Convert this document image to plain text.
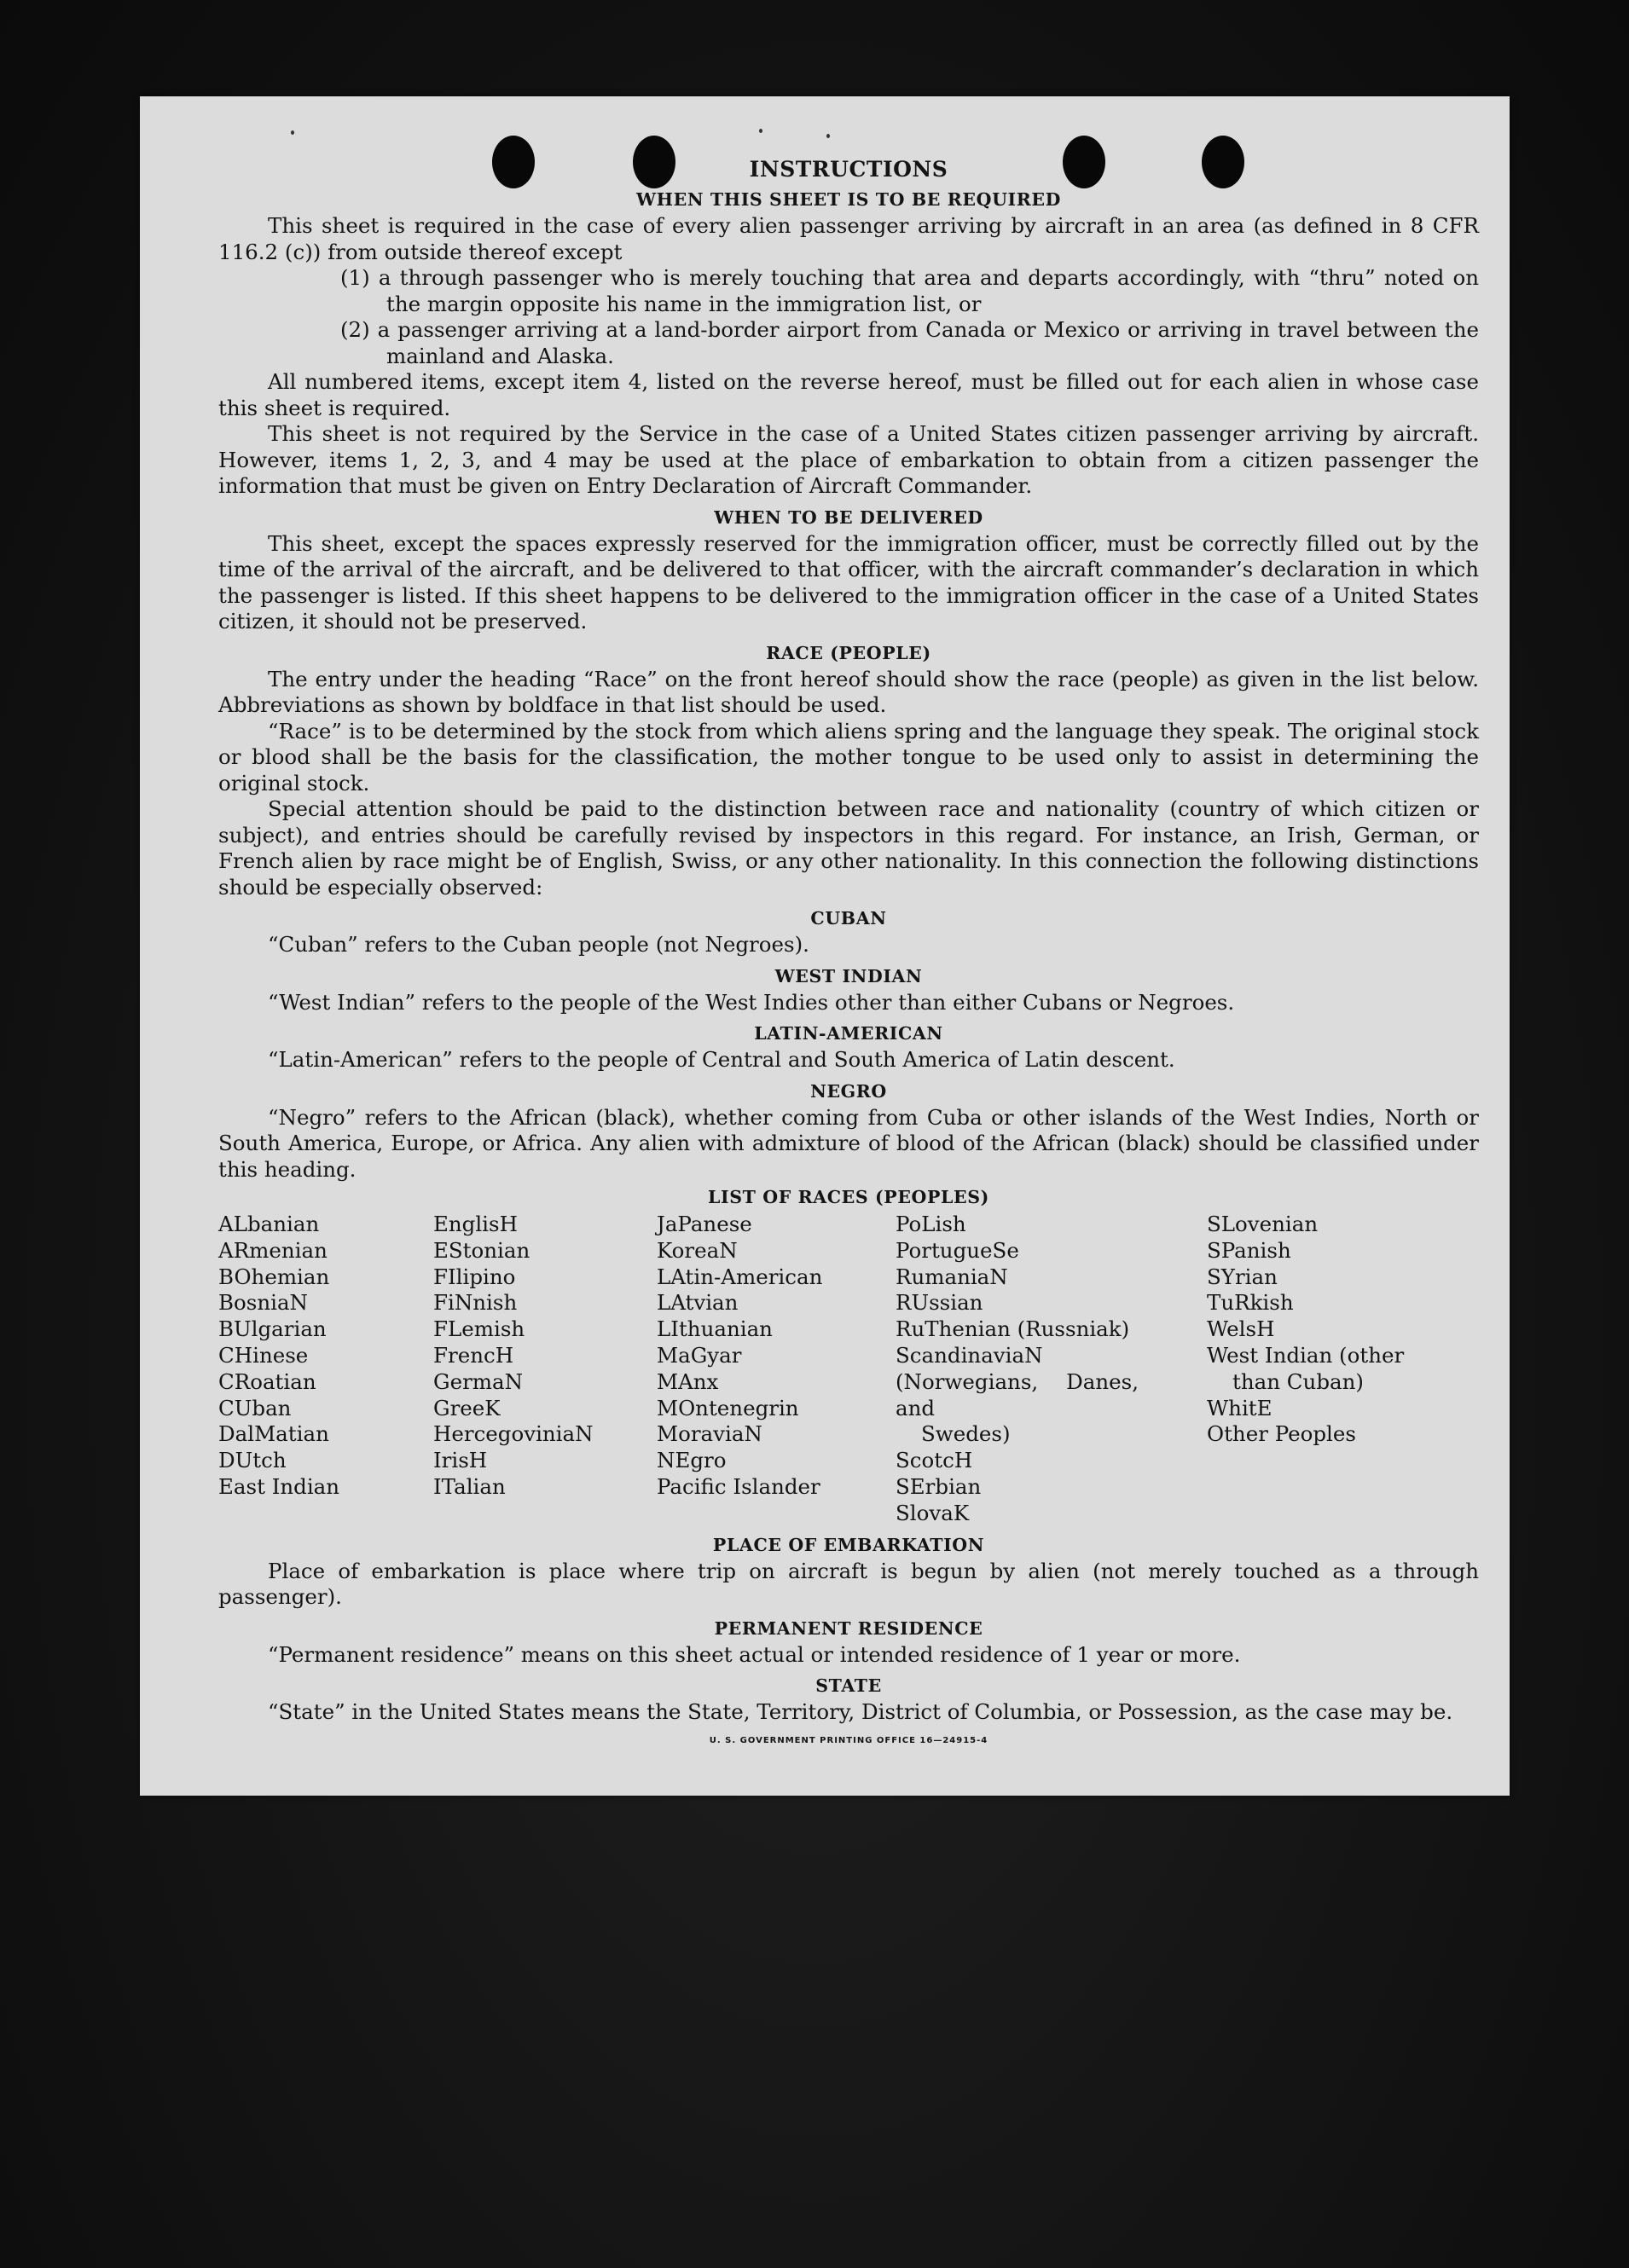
INSTRUCTIONS
WHEN THIS SHEET IS TO BE REQUIRED

This sheet is required in the case of every alien passenger arriving by aircraft in an area (as defined in 8 CFR 116.2 (c)) from outside thereof except

(1) a through passenger who is merely touching that area and departs accordingly, with “thru” noted on the margin opposite his name in the immigration list, or
(2) a passenger arriving at a land-border airport from Canada or Mexico or arriving in travel between the mainland and Alaska.

All numbered items, except item 4, listed on the reverse hereof, must be filled out for each alien in whose case this sheet is required.

This sheet is not required by the Service in the case of a United States citizen passenger arriving by aircraft. However, items 1, 2, 3, and 4 may be used at the place of embarkation to obtain from a citizen passenger the information that must be given on Entry Declaration of Aircraft Commander.

WHEN TO BE DELIVERED

This sheet, except the spaces expressly reserved for the immigration officer, must be correctly filled out by the time of the arrival of the aircraft, and be delivered to that officer, with the aircraft commander’s declaration in which the passenger is listed. If this sheet happens to be delivered to the immigration officer in the case of a United States citizen, it should not be preserved.

RACE (PEOPLE)

The entry under the heading “Race” on the front hereof should show the race (people) as given in the list below. Abbreviations as shown by boldface in that list should be used.

“Race” is to be determined by the stock from which aliens spring and the language they speak. The original stock or blood shall be the basis for the classification, the mother tongue to be used only to assist in determining the original stock.

Special attention should be paid to the distinction between race and nationality (country of which citizen or subject), and entries should be carefully revised by inspectors in this regard. For instance, an Irish, German, or French alien by race might be of English, Swiss, or any other nationality. In this connection the following distinctions should be especially observed:

CUBAN

“Cuban” refers to the Cuban people (not Negroes).

WEST INDIAN

“West Indian” refers to the people of the West Indies other than either Cubans or Negroes.

LATIN-AMERICAN

“Latin-American” refers to the people of Central and South America of Latin descent.

NEGRO

“Negro” refers to the African (black), whether coming from Cuba or other islands of the West Indies, North or South America, Europe, or Africa. Any alien with admixture of blood of the African (black) should be classified under this heading.

LIST OF RACES (PEOPLES)
ALbanian
ARmenian
BOhemian
BosniaN
BUlgarian
CHinese
CRoatian
CUban
DalMatian
DUtch
East Indian
EnglisH
EStonian
FIlipino
FiNnish
FLemish
FrencH
GermaN
GreeK
HercegoviniaN
IrisH
ITalian
JaPanese
KoreaN
LAtin-American
LAtvian
LIthuanian
MaGyar
MAnx
MOntenegrin
MoraviaN
NEgro
Pacific Islander
PoLish
PortugueSe
RumaniaN
RUssian
RuThenian (Russniak)
ScandinaviaN (Norwegians, Danes, and
Swedes)
ScotcH
SErbian
SlovaK
SLovenian
SPanish
SYrian
TuRkish
WelsH
West Indian (other
than Cuban)
WhitE
Other Peoples
PLACE OF EMBARKATION

Place of embarkation is place where trip on aircraft is begun by alien (not merely touched as a through passenger).

PERMANENT RESIDENCE

“Permanent residence” means on this sheet actual or intended residence of 1 year or more.

STATE

“State” in the United States means the State, Territory, District of Columbia, or Possession, as the case may be.

U. S. GOVERNMENT PRINTING OFFICE 16—24915-4
